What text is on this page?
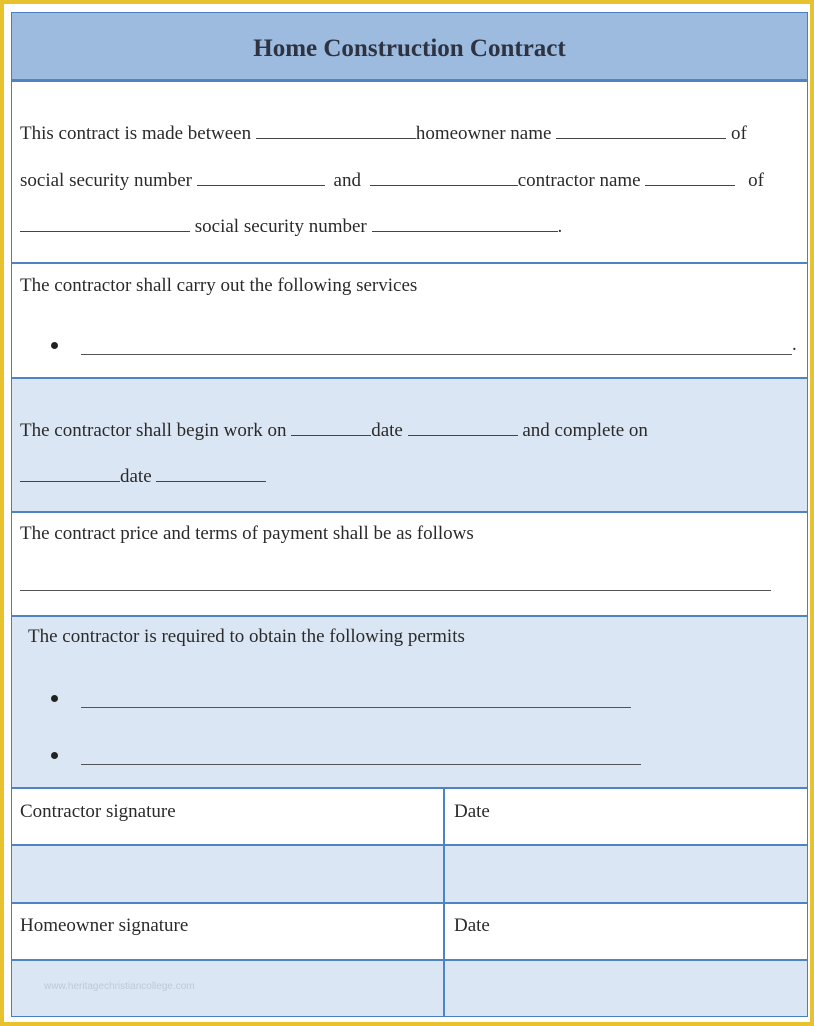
Home Construction Contract
This contract is made between	homeowner name	of
social security number	and	contractor name	of
social security number	.
The contractor shall carry out the following services
.
The contractor shall begin work on	date	and complete on
date
The contract price and terms of payment shall be as follows
The contractor is required to obtain the following permits
Contractor signature	Date
Homeowner signature	Date
www.heritagechristiancollege.com
